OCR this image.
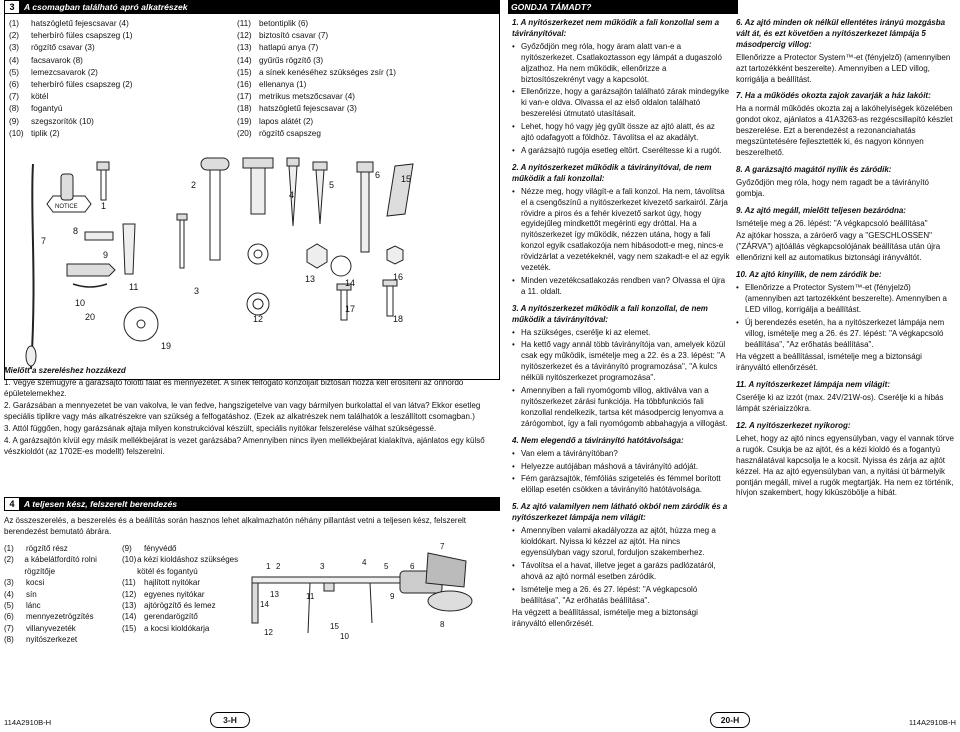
3	A csomagban található apró alkatrészek
(1)	hatszögletű fejescsavar (4)
(2)	teherbíró füles csapszeg (1)
(3)	rögzítő csavar (3)
(4)	facsavarok (8)
(5)	lemezcsavarok (2)
(6)	teherbíró füles csapszeg (2)
(7)	kötél
(8)	fogantyú
(9)	szegszorítók (10)
(10) tiplik (2)
(11) betontiplik (6)
(12) biztosító csavar (7)
(13) hatlapú anya (7)
(14) gyűrűs rögzítő (3)
(15) a sínek kenéséhez szükséges zsír (1)
(16) ellenanya (1)
(17) metrikus metszőcsavar (4)
(18) hatszögletű fejescsavar (3)
(19) lapos alátét (2)
(20) rögzítő csapszeg
1
2
3
4
5
6
7
8
9
10
11
12
13	14
15
16
17
18
19
20
NOTICE
Mielőtt a szereléshez hozzákezd
1. Vegye szemügyre a garázsajtó fölötti falat és mennyezetet. A sínek felfogató konzoljait biztosan hozzá kell erősíteni az önhordó épületelemekhez.
2. Garázsában a mennyezetet be van vakolva, le van fedve, hangszigetelve van vagy bármilyen burkolattal el van látva? Ekkor esetleg speciális tiplikre vagy más alkatrészekre van szükség a felfogatáshoz. (Ezek az alkatrészek nem találhatók a leszállított csomagban.)
3. Attól függően, hogy garázsának ajtaja milyen konstrukcióval készült, speciális nyitókar felszerelése válhat szükségessé.
4. A garázsajtón kívül egy másik mellékbejárat is vezet garázsába? Amennyiben nincs ilyen mellékbejárat kialakítva, ajánlatos egy külső vészkioldót (az 1702E-es modellt) felszerelni.
4	A teljesen kész, felszerelt berendezés
Az összeszerelés, a beszerelés és a beállítás során hasznos lehet alkalmazhatón néhány pillantást vetni a teljesen kész, felszerelt berendezést bemutató ábrára.
(1)	rögzítő rész
(2)	a kábelátfordító rolni rögzítője
(3)	kocsi
(4)	sín
(5)	lánc
(6)	mennyezetrögzítés
(7)	villanyvezeték
(8)	nyitószerkezet
(9)	fényvédő
(10) a kézi kioldáshoz szükséges kötél és fogantyú
(11)	hajlított nyitókar
(12) egyenes nyitókar
(13) ajtórögzítő és lemez
(14) gerendarögzítő
(15) a kocsi kioldókarja
1 2	3	4 5	6
7
8
9
10
11
12
13
14
15
GONDJA TÁMADT?

1. A nyitószerkezet nem működik a fali konzollal sem a távirányítóval:

• Győződjön meg róla, hogy áram alatt van-e a nyitószerkezet. Csatlakoztasson egy lámpát a dugaszoló aljzathoz. Ha nem működik, ellenőrizze a biztosítószekrényt vagy a kapcsolót.

• Ellenőrizze, hogy a garázsajtón található zárak mindegyike ki van-e oldva. Olvassa el az első oldalon található beszerelési útmutató utasításait.

• Lehet, hogy hó vagy jég gyűlt össze az ajtó alatt, és az ajtó odafagyott a földhöz. Távolítsa el az akadályt.

• A garázsajtó rugója esetleg eltört. Cseréltesse ki a rugót.

2. A nyitószerkezet működik a távirányítóval, de nem működik a fali konzollal:

• Nézze meg, hogy világít-e a fali konzol. Ha nem, távolítsa el a csengőszínű a nyitószerkezet kivezető sarkairól. Zárja rövidre a piros és a fehér kivezető sarkot úgy, hogy egyidejűleg mindkettőt megérinti egy dróttal. Ha a nyitószerkezet így működik, nézzen utána, hogy a fali konzol egyik csatlakozója nem hibásodott-e meg, nincs-e rövidzárlat a vezetékeknél, vagy nem szakadt-e el az egyik vezeték.

• Minden vezetékcsatlakozás rendben van? Olvassa el újra a 11. oldalt.

3. A nyitószerkezet működik a fali konzollal, de nem működik a távirányítóval:

• Ha szükséges, cserélje ki az elemet.

• Ha kettő vagy annál több távirányítója van, amelyek közül csak egy működik, ismételje meg a 22. és a 23. lépést: "A nyitószerkezet és a távirányító programozása", "A kulcs nélküli nyitószerkezet programozása".

• Amennyiben a fali nyomógomb villog, aktiválva van a nyitószerkezet zárási funkciója. Ha többfunkciós fali konzollal rendelkezik, tartsa két másodpercig lenyomva a zárógombot, így a fali nyomógomb abbahagyja a villogást.

4. Nem elegendő a távirányító hatótávolsága:

• Van elem a távirányítóban?

• Helyezze autójában máshová a távirányító adóját.

• Fém garázsajtók, fémfóliás szigetelés és fémmel borított elöllap esetén csökken a távirányító hatótávolsága.

5. Az ajtó valamilyen nem látható okból nem záródik és a nyitószerkezet lámpája nem világít:

• Amennyiben valami akadályozza az ajtót, húzza meg a kioldókart. Nyissa ki kézzel az ajtót. Ha nincs egyensúlyban vagy szorul, forduljon szakemberhez.

• Távolítsa el a havat, illetve jeget a garázs padlózatáról, ahová az ajtó normál esetben záródik.

• Ismételje meg a 26. és 27. lépést: "A végkapcsoló beállítása", "Az erőhatás beállítása".

Ha végzett a beállítással, ismételje meg a biztonsági irányváltó ellenőrzését.

6. Az ajtó minden ok nélkül ellentétes irányú mozgásba vált át, és ezt követően a nyitószerkezet lámpája 5 másodpercig villog:

Ellenőrizze a Protector System™-et (fényjelző) (amennyiben azt tartozékként beszerelte). Amennyiben a LED villog, korrigálja a beállítást.

7. Ha a működés okozta zajok zavarják a ház lakóit:

Ha a normál működés okozta zaj a lakóhelyiségek közelében gondot okoz, ajánlatos a 41A3263-as rezgéscsillapító készlet beszerelése. Ezt a berendezést a rezonanciahatás megszüntetésére fejlesztették ki, és nagyon könnyen beszerelhető.

8. A garázsajtó magától nyílik és záródik:

Győződjön meg róla, hogy nem ragadt be a távirányító gombja.

9. Az ajtó megáll, mielőtt teljesen bezáródna:

Ismételje meg a 26. lépést: "A végkapcsoló beállítása"

Az ajtókar hossza, a záróerő vagy a "GESCHLOSSEN" ("ZÁRVA") ajtóállás végkapcsolójának beállítása után újra ellenőrizni kell az automatikus biztonsági irányváltót.

10. Az ajtó kinyílik, de nem záródik be:

• Ellenőrizze a Protector System™-et (fényjelző) (amennyiben azt tartozékként beszerelte). Amennyiben a LED villog, korrigálja a beállítást.

• Új berendezés esetén, ha a nyitószerkezet lámpája nem villog, ismételje meg a 26. és 27. lépést: "A végkapcsoló beállítása", "Az erőhatás beállítása".

Ha végzett a beállítással, ismételje meg a biztonsági irányváltó ellenőrzését.

11. A nyitószerkezet lámpája nem világít:

Cserélje ki az izzót (max. 24V/21W-os). Cserélje ki a hibás lámpát szériaizzókra.

12. A nyitószerkezet nyikorog:

Lehet, hogy az ajtó nincs egyensúlyban, vagy el vannak törve a rugók. Csukja be az ajtót, és a kézi kioldó és a fogantyú használatával kapcsolja le a kocsit. Nyissa és zárja az ajtót kézzel. Ha az ajtó egyensúlyban van, a nyitási út bármelyik pontján megáll, mivel a rugók megtartják. Ha nem ez történik, hívjon szakembert, hogy kiküszöbölje a hibát.

114A2910B-H	3-H	20-H	114A2910B-H
